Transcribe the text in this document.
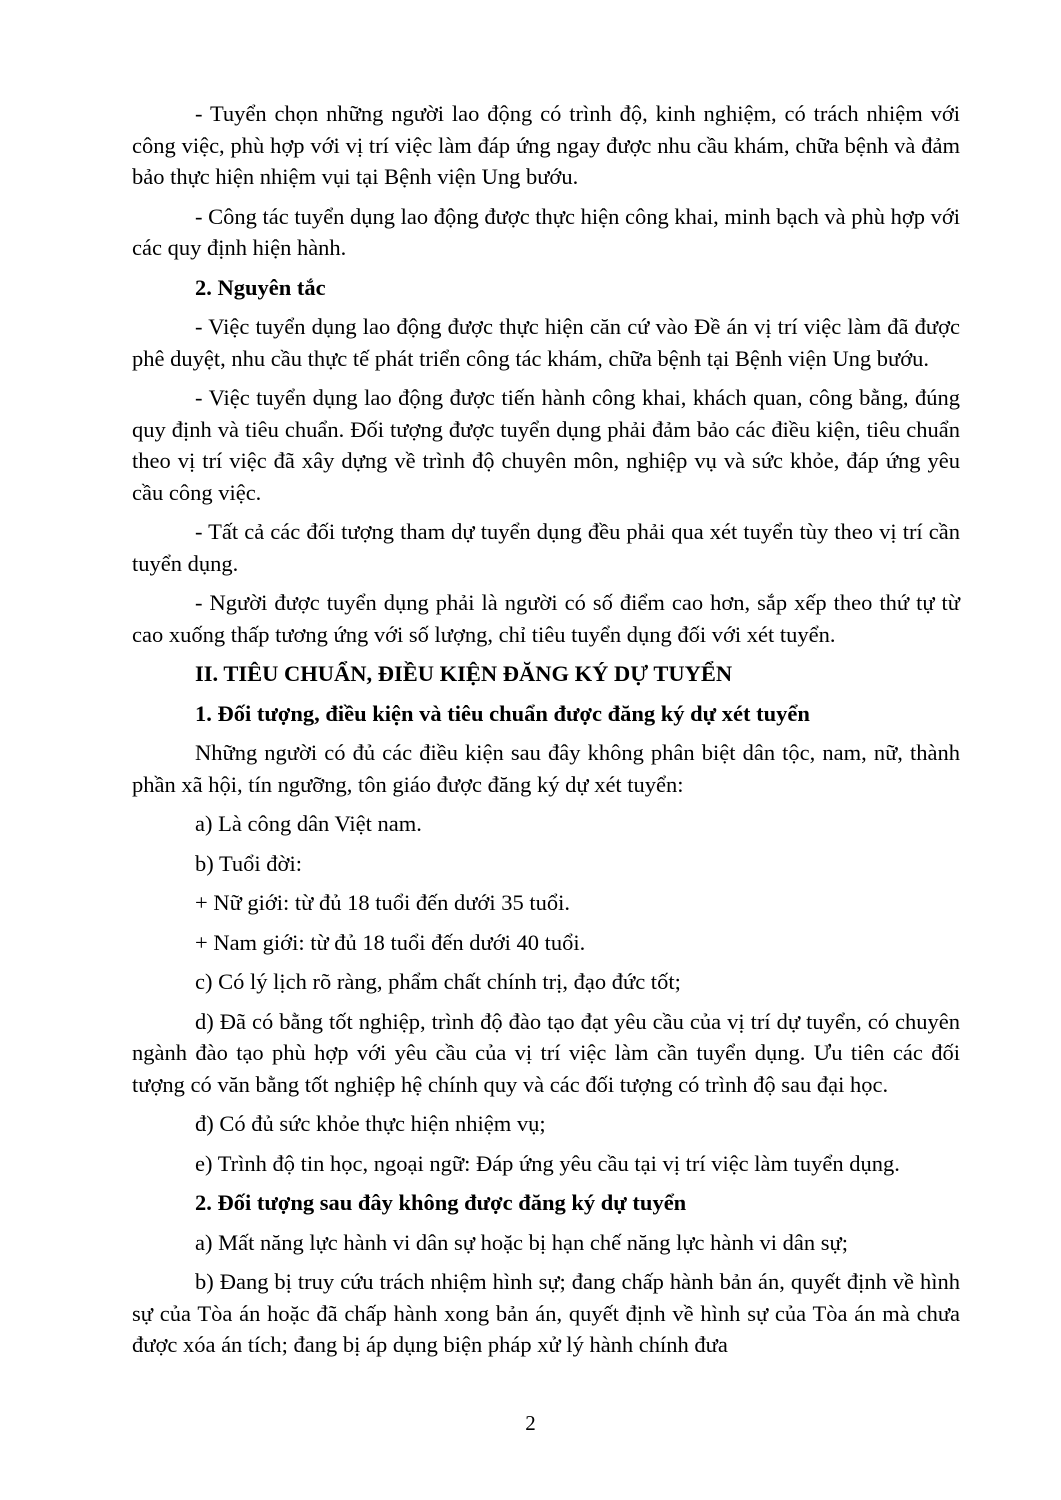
- Tuyển chọn những người lao động có trình độ, kinh nghiệm, có trách nhiệm với công việc, phù hợp với vị trí việc làm đáp ứng ngay được nhu cầu khám, chữa bệnh và đảm bảo thực hiện nhiệm vụi tại Bệnh viện Ung bướu.

- Công tác tuyển dụng lao động được thực hiện công khai, minh bạch và phù hợp với các quy định hiện hành.

2. Nguyên tắc

- Việc tuyển dụng lao động được thực hiện căn cứ vào Đề án vị trí việc làm đã được phê duyệt, nhu cầu thực tế phát triển công tác khám, chữa bệnh tại Bệnh viện Ung bướu.

- Việc tuyển dụng lao động được tiến hành công khai, khách quan, công bằng, đúng quy định và tiêu chuẩn. Đối tượng được tuyển dụng phải đảm bảo các điều kiện, tiêu chuẩn theo vị trí việc đã xây dựng về trình độ chuyên môn, nghiệp vụ và sức khỏe, đáp ứng yêu cầu công việc.

- Tất cả các đối tượng tham dự tuyển dụng đều phải qua xét tuyển tùy theo vị trí cần tuyển dụng.

- Người được tuyển dụng phải là người có số điểm cao hơn, sắp xếp theo thứ tự từ cao xuống thấp tương ứng với số lượng, chỉ tiêu tuyển dụng đối với xét tuyển.

II. TIÊU CHUẨN, ĐIỀU KIỆN ĐĂNG KÝ DỰ TUYỂN

1. Đối tượng, điều kiện và tiêu chuẩn được đăng ký dự xét tuyển

Những người có đủ các điều kiện sau đây không phân biệt dân tộc, nam, nữ, thành phần xã hội, tín ngưỡng, tôn giáo được đăng ký dự xét tuyển:

a) Là công dân Việt nam.

b) Tuổi đời:

+ Nữ giới: từ đủ 18 tuổi đến dưới 35 tuổi.

+ Nam giới: từ đủ 18 tuổi đến dưới 40 tuổi.

c) Có lý lịch rõ ràng, phẩm chất chính trị, đạo đức tốt;

d) Đã có bằng tốt nghiệp, trình độ đào tạo đạt yêu cầu của vị trí dự tuyển, có chuyên ngành đào tạo phù hợp với yêu cầu của vị trí việc làm cần tuyển dụng. Ưu tiên các đối tượng có văn bằng tốt nghiệp hệ chính quy và các đối tượng có trình độ sau đại học.

đ) Có đủ sức khỏe thực hiện nhiệm vụ;

e) Trình độ tin học, ngoại ngữ: Đáp ứng yêu cầu tại vị trí việc làm tuyển dụng.

2. Đối tượng sau đây không được đăng ký dự tuyển

a) Mất năng lực hành vi dân sự hoặc bị hạn chế năng lực hành vi dân sự;

b) Đang bị truy cứu trách nhiệm hình sự; đang chấp hành bản án, quyết định về hình sự của Tòa án hoặc đã chấp hành xong bản án, quyết định về hình sự của Tòa án mà chưa được xóa án tích; đang bị áp dụng biện pháp xử lý hành chính đưa

2
